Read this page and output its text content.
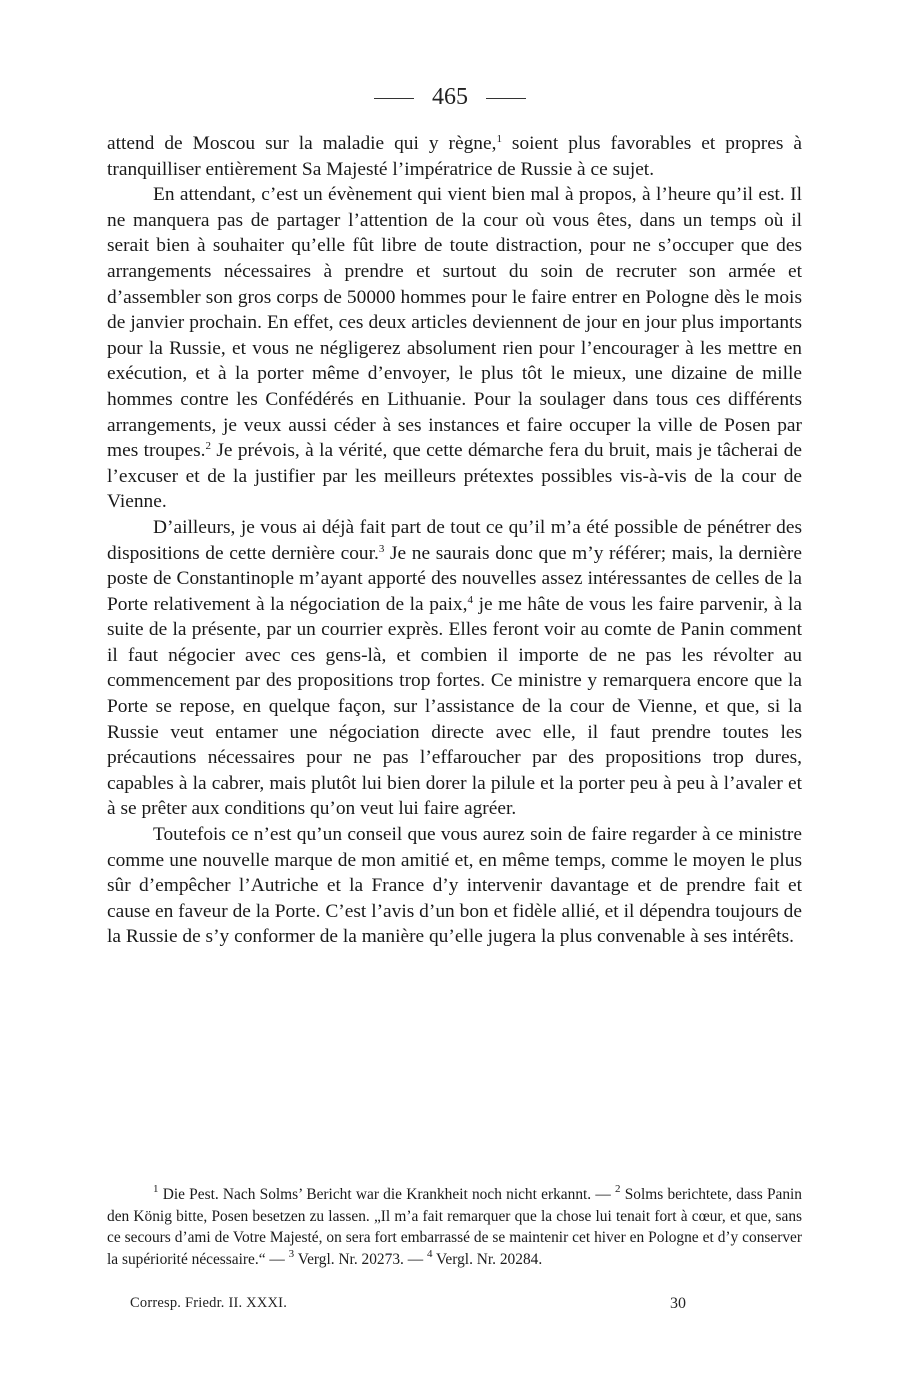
465

attend de Moscou sur la maladie qui y règne,$^1$ soient plus favorables et propres à tranquilliser entièrement Sa Majesté l’impératrice de Russie à ce sujet.

En attendant, c’est un évènement qui vient bien mal à propos, à l’heure qu’il est. Il ne manquera pas de partager l’attention de la cour où vous êtes, dans un temps où il serait bien à souhaiter qu’elle fût libre de toute distraction, pour ne s’occuper que des arrangements nécessaires à prendre et surtout du soin de recruter son armée et d’assembler son gros corps de 50000 hommes pour le faire entrer en Pologne dès le mois de janvier prochain. En effet, ces deux articles deviennent de jour en jour plus importants pour la Russie, et vous ne négligerez absolument rien pour l’encourager à les mettre en exécution, et à la porter même d’envoyer, le plus tôt le mieux, une dizaine de mille hommes contre les Confédérés en Lithuanie. Pour la soulager dans tous ces différents arrangements, je veux aussi céder à ses instances et faire occuper la ville de Posen par mes troupes.$^2$ Je prévois, à la vérité, que cette démarche fera du bruit, mais je tâcherai de l’excuser et de la justifier par les meilleurs prétextes possibles vis-à-vis de la cour de Vienne.

D’ailleurs, je vous ai déjà fait part de tout ce qu’il m’a été possible de pénétrer des dispositions de cette dernière cour.$^3$ Je ne saurais donc que m’y référer; mais, la dernière poste de Constantinople m’ayant apporté des nouvelles assez intéressantes de celles de la Porte relativement à la négociation de la paix,$^4$ je me hâte de vous les faire parvenir, à la suite de la présente, par un courrier exprès. Elles feront voir au comte de Panin comment il faut négocier avec ces gens-là, et combien il importe de ne pas les révolter au commencement par des propositions trop fortes. Ce ministre y remarquera encore que la Porte se repose, en quelque façon, sur l’assistance de la cour de Vienne, et que, si la Russie veut entamer une négociation directe avec elle, il faut prendre toutes les précautions nécessaires pour ne pas l’effaroucher par des propositions trop dures, capables à la cabrer, mais plutôt lui bien dorer la pilule et la porter peu à peu à l’avaler et à se prêter aux conditions qu’on veut lui faire agréer.

Toutefois ce n’est qu’un conseil que vous aurez soin de faire regarder à ce ministre comme une nouvelle marque de mon amitié et, en même temps, comme le moyen le plus sûr d’empêcher l’Autriche et la France d’y intervenir davantage et de prendre fait et cause en faveur de la Porte. C’est l’avis d’un bon et fidèle allié, et il dépendra toujours de la Russie de s’y conformer de la manière qu’elle jugera la plus convenable à ses intérêts.

$^1$ Die Pest. Nach Solms’ Bericht war die Krankheit noch nicht erkannt. — $^2$ Solms berichtete, dass Panin den König bitte, Posen besetzen zu lassen. „Il m’a fait remarquer que la chose lui tenait fort à cœur, et que, sans ce secours d’ami de Votre Majesté, on sera fort embarrassé de se maintenir cet hiver en Pologne et d’y conserver la supériorité nécessaire.“ — $^3$ Vergl. Nr. 20273. — $^4$ Vergl. Nr. 20284.

Corresp. Friedr. II. XXXI.	30
